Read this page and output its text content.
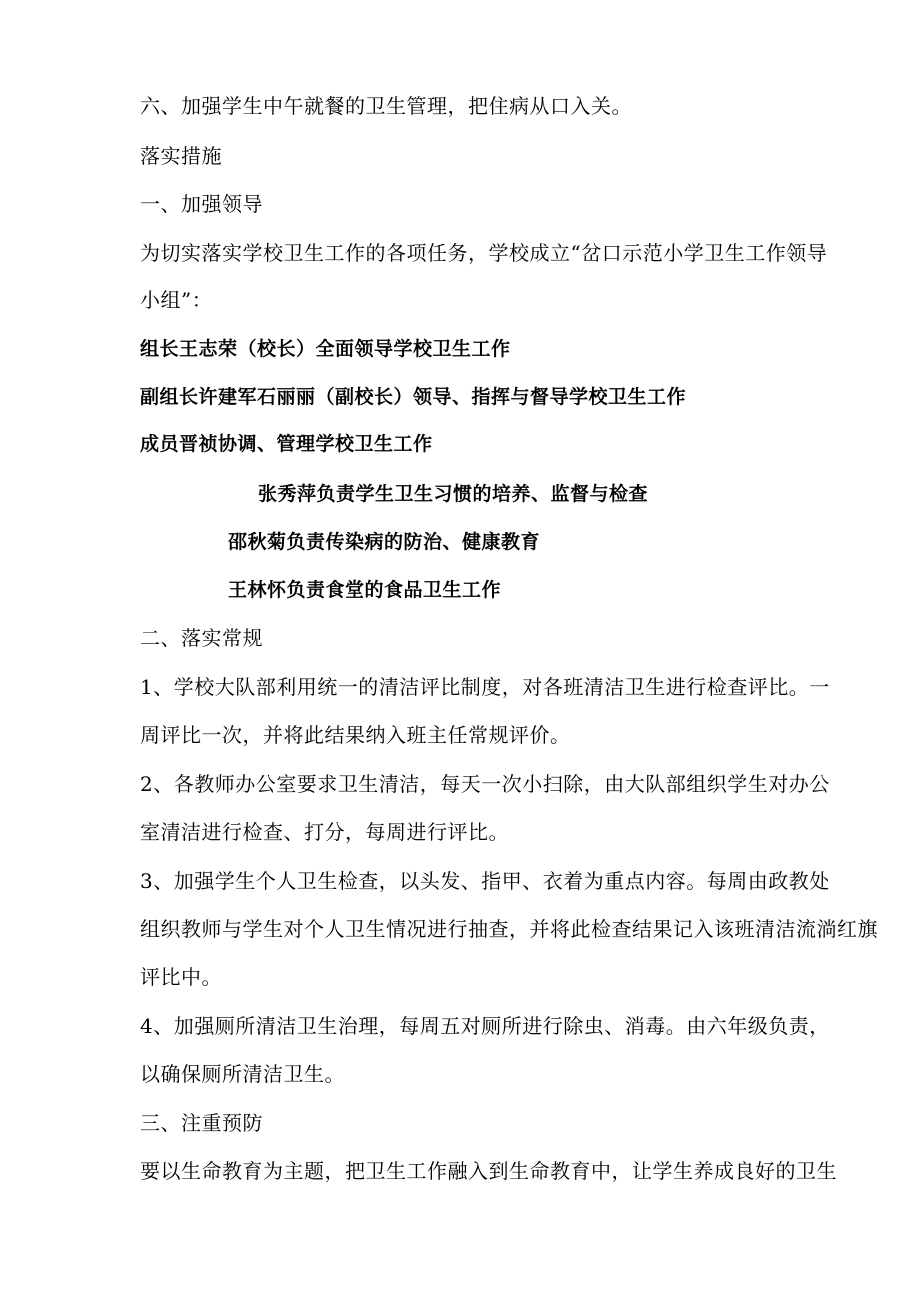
六、加强学生中午就餐的卫生管理，把住病从口入关。
落实措施
一、加强领导
为切实落实学校卫生工作的各项任务，学校成立“岔口示范小学卫生工作领导
小组”：
组长王志荣（校长）全面领导学校卫生工作
副组长许建军石丽丽（副校长）领导、指挥与督导学校卫生工作
成员晋祯协调、管理学校卫生工作
张秀萍负责学生卫生习惯的培养、监督与检查
邵秋菊负责传染病的防治、健康教育
王林怀负责食堂的食品卫生工作
二、落实常规
1、学校大队部利用统一的清洁评比制度，对各班清洁卫生进行检查评比。一
周评比一次，并将此结果纳入班主任常规评价。
2、各教师办公室要求卫生清洁，每天一次小扫除，由大队部组织学生对办公
室清洁进行检查、打分，每周进行评比。
3、加强学生个人卫生检查，以头发、指甲、衣着为重点内容。每周由政教处
组织教师与学生对个人卫生情况进行抽查，并将此检查结果记入该班清洁流淌红旗
评比中。
4、加强厕所清洁卫生治理，每周五对厕所进行除虫、消毒。由六年级负责，
以确保厕所清洁卫生。
三、注重预防
要以生命教育为主题，把卫生工作融入到生命教育中，让学生养成良好的卫生
